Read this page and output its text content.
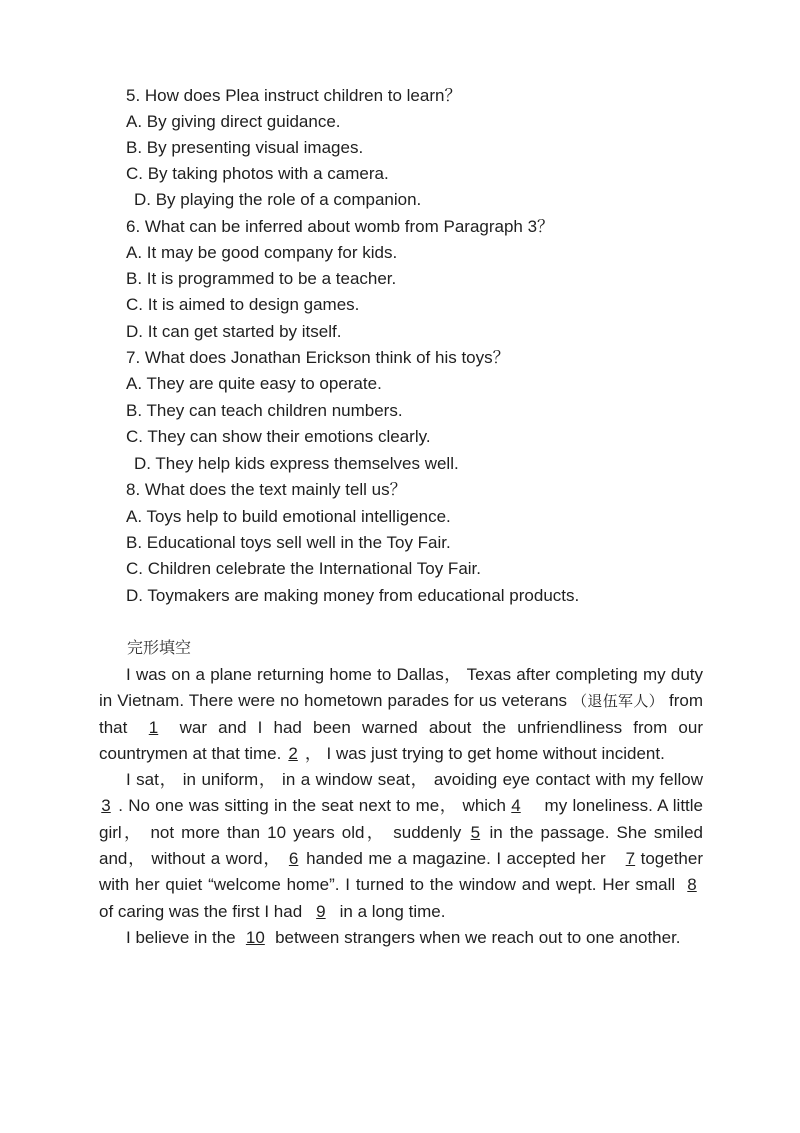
5. How does Plea instruct children to learn？
A. By giving direct guidance.
B. By presenting visual images.
C. By taking photos with a camera.
D. By playing the role of a companion.
6. What can be inferred about womb from Paragraph 3？
A. It may be good company for kids.
B. It is programmed to be a teacher.
C. It is aimed to design games.
D. It can get started by itself.
7. What does Jonathan Erickson think of his toys？
A. They are quite easy to operate.
B. They can teach children numbers.
C. They can show their emotions clearly.
D. They help kids express themselves well.
8. What does the text mainly tell us？
A. Toys help to build emotional intelligence.
B. Educational toys sell well in the Toy Fair.
C. Children celebrate the International Toy Fair.
D. Toymakers are making money from educational products.
完形填空

I was on a plane returning home to Dallas， Texas after completing my duty in Vietnam. There were no hometown parades for us veterans （退伍军人） from that 1 war and I had been warned about the unfriendliness from our countrymen at that time. 2 ， I was just trying to get home without incident.

I sat， in uniform， in a window seat， avoiding eye contact with my fellow 3 . No one was sitting in the seat next to me， which 4 my loneliness. A little girl， not more than 10 years old， suddenly 5 in the passage. She smiled and， without a word， 6 handed me a magazine. I accepted her 7 together with her quiet “welcome home”. I turned to the window and wept. Her small 8 of caring was the first I had 9 in a long time.

I believe in the 10 between strangers when we reach out to one another.
